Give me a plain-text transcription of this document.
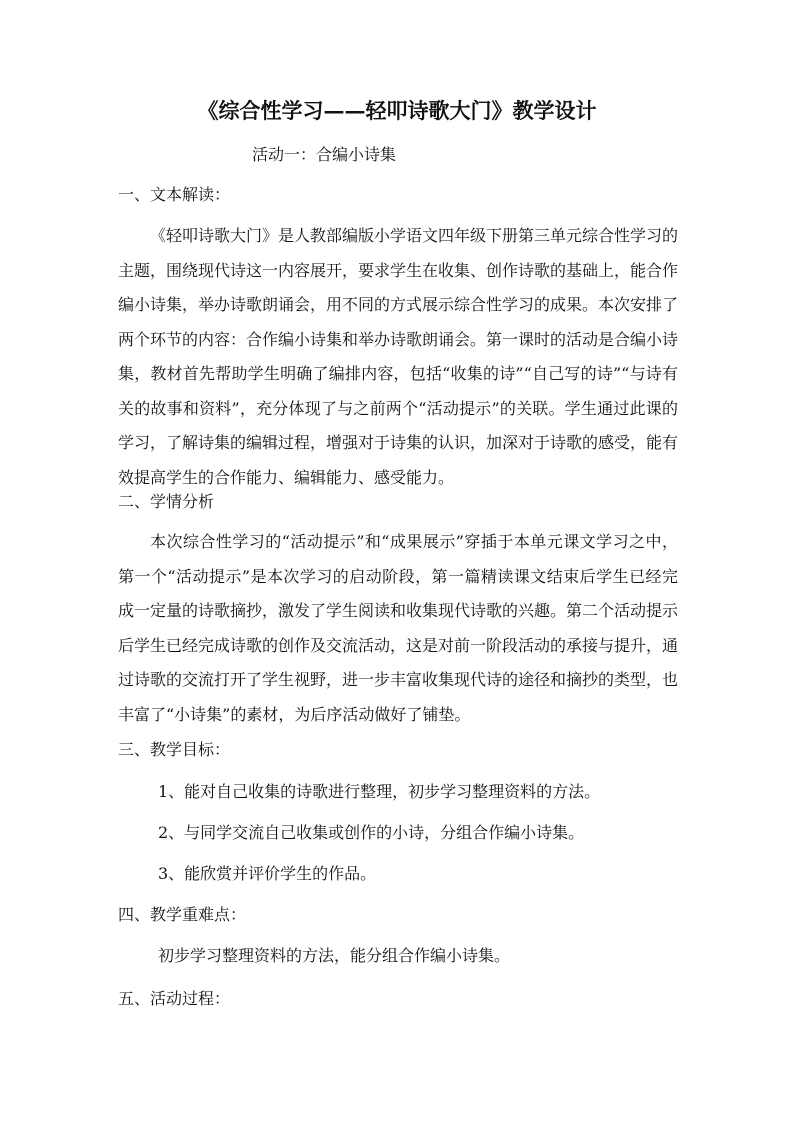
《综合性学习——轻叩诗歌大门》教学设计
活动一：合编小诗集
一、文本解读：

《轻叩诗歌大门》是人教部编版小学语文四年级下册第三单元综合性学习的主题，围绕现代诗这一内容展开，要求学生在收集、创作诗歌的基础上，能合作编小诗集，举办诗歌朗诵会，用不同的方式展示综合性学习的成果。本次安排了两个环节的内容：合作编小诗集和举办诗歌朗诵会。第一课时的活动是合编小诗集，教材首先帮助学生明确了编排内容，包括“收集的诗”“自己写的诗”“与诗有关的故事和资料”，充分体现了与之前两个“活动提示”的关联。学生通过此课的学习，了解诗集的编辑过程，增强对于诗集的认识，加深对于诗歌的感受，能有效提高学生的合作能力、编辑能力、感受能力。

二、学情分析

本次综合性学习的“活动提示”和“成果展示”穿插于本单元课文学习之中，第一个“活动提示”是本次学习的启动阶段，第一篇精读课文结束后学生已经完成一定量的诗歌摘抄，激发了学生阅读和收集现代诗歌的兴趣。第二个活动提示后学生已经完成诗歌的创作及交流活动，这是对前一阶段活动的承接与提升，通过诗歌的交流打开了学生视野，进一步丰富收集现代诗的途径和摘抄的类型，也丰富了“小诗集”的素材，为后序活动做好了铺垫。

三、教学目标：
1、能对自己收集的诗歌进行整理，初步学习整理资料的方法。
2、与同学交流自己收集或创作的小诗，分组合作编小诗集。
3、能欣赏并评价学生的作品。
四、教学重难点：
初步学习整理资料的方法，能分组合作编小诗集。
五、活动过程：
